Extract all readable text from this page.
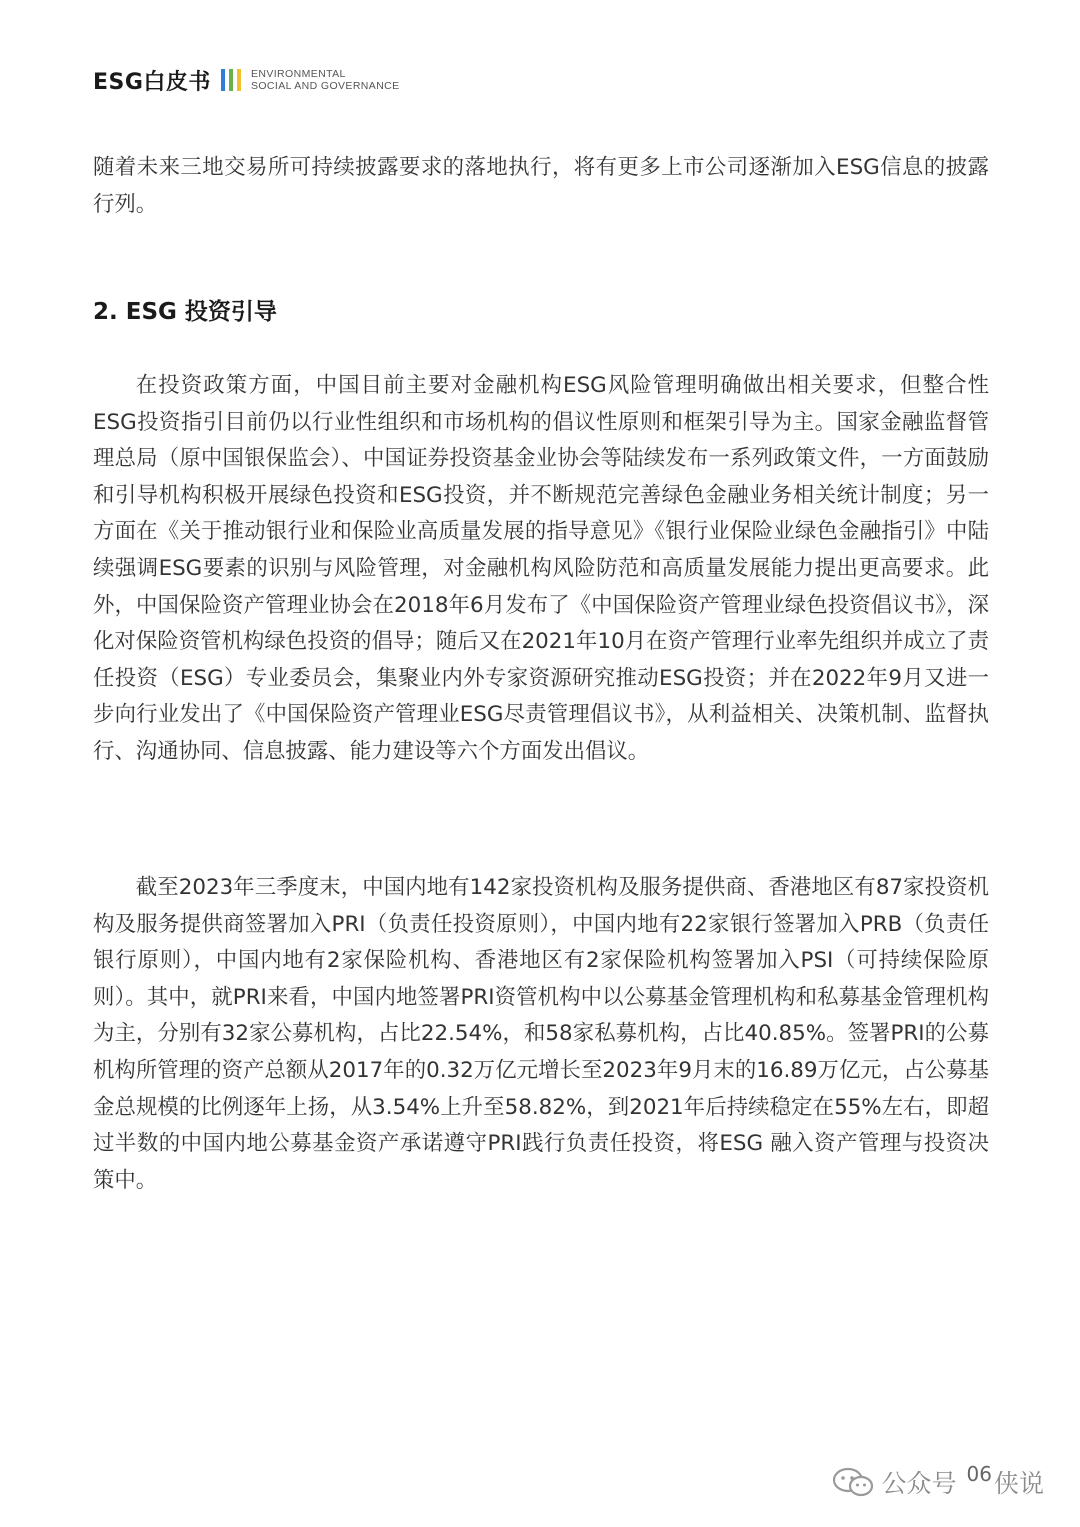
ESG白皮书	ENVIRONMENTAL
SOCIAL AND GOVERNANCE

随着未来三地交易所可持续披露要求的落地执行，将有更多上市公司逐渐加入ESG信息的披露行列。

2. ESG 投资引导

在投资政策方面，中国目前主要对金融机构ESG风险管理明确做出相关要求，但整合性ESG投资指引目前仍以行业性组织和市场机构的倡议性原则和框架引导为主。国家金融监督管理总局（原中国银保监会）、中国证券投资基金业协会等陆续发布一系列政策文件，一方面鼓励和引导机构积极开展绿色投资和ESG投资，并不断规范完善绿色金融业务相关统计制度；另一方面在《关于推动银行业和保险业高质量发展的指导意见》《银行业保险业绿色金融指引》中陆续强调ESG要素的识别与风险管理，对金融机构风险防范和高质量发展能力提出更高要求。此外，中国保险资产管理业协会在2018年6月发布了《中国保险资产管理业绿色投资倡议书》，深化对保险资管机构绿色投资的倡导；随后又在2021年10月在资产管理行业率先组织并成立了责任投资（ESG）专业委员会，集聚业内外专家资源研究推动ESG投资；并在2022年9月又进一步向行业发出了《中国保险资产管理业ESG尽责管理倡议书》，从利益相关、决策机制、监督执行、沟通协同、信息披露、能力建设等六个方面发出倡议。

截至2023年三季度末，中国内地有142家投资机构及服务提供商、香港地区有87家投资机构及服务提供商签署加入PRI（负责任投资原则），中国内地有22家银行签署加入PRB（负责任银行原则），中国内地有2家保险机构、香港地区有2家保险机构签署加入PSI（可持续保险原则）。其中，就PRI来看，中国内地签署PRI资管机构中以公募基金管理机构和私募基金管理机构为主，分别有32家公募机构，占比22.54%，和58家私募机构，占比40.85%。签署PRI的公募机构所管理的资产总额从2017年的0.32万亿元增长至2023年9月末的16.89万亿元，占公募基金总规模的比例逐年上扬，从3.54%上升至58.82%，到2021年后持续稳定在55%左右，即超过半数的中国内地公募基金资产承诺遵守PRI践行负责任投资，将ESG 融入资产管理与投资决策中。

公众号 06 侠说
